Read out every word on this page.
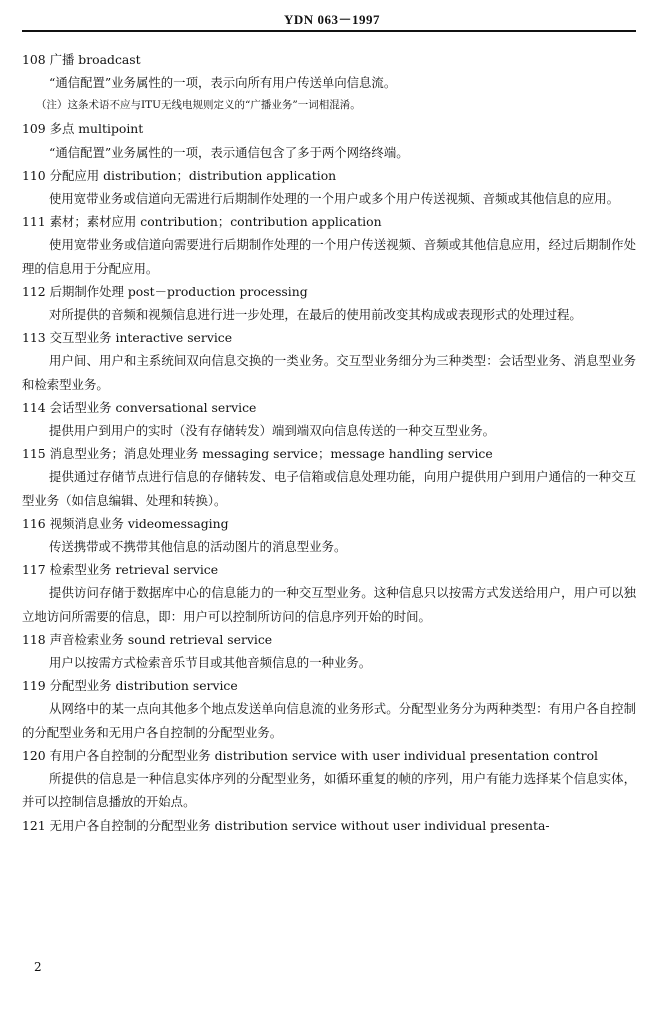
YDN 063－1997

108 广播 broadcast

“通信配置”业务属性的一项，表示向所有用户传送单向信息流。

（注）这条术语不应与ITU无线电规则定义的“广播业务”一词相混淆。

109 多点 multipoint

“通信配置”业务属性的一项，表示通信包含了多于两个网络终端。

110 分配应用 distribution；distribution application

使用宽带业务或信道向无需进行后期制作处理的一个用户或多个用户传送视频、音频或其他信息的应用。

111 素材；素材应用 contribution；contribution application

使用宽带业务或信道向需要进行后期制作处理的一个用户传送视频、音频或其他信息应用，经过后期制作处理的信息用于分配应用。

112 后期制作处理 post－production processing

对所提供的音频和视频信息进行进一步处理，在最后的使用前改变其构成或表现形式的处理过程。

113 交互型业务 interactive service

用户间、用户和主系统间双向信息交换的一类业务。交互型业务细分为三种类型：会话型业务、消息型业务和检索型业务。

114 会话型业务 conversational service

提供用户到用户的实时（没有存储转发）端到端双向信息传送的一种交互型业务。

115 消息型业务；消息处理业务 messaging service；message handling service

提供通过存储节点进行信息的存储转发、电子信箱或信息处理功能，向用户提供用户到用户通信的一种交互型业务（如信息编辑、处理和转换）。

116 视频消息业务 videomessaging

传送携带或不携带其他信息的活动图片的消息型业务。

117 检索型业务 retrieval service

提供访问存储于数据库中心的信息能力的一种交互型业务。这种信息只以按需方式发送给用户，用户可以独立地访问所需要的信息，即：用户可以控制所访问的信息序列开始的时间。

118 声音检索业务 sound retrieval service

用户以按需方式检索音乐节目或其他音频信息的一种业务。

119 分配型业务 distribution service

从网络中的某一点向其他多个地点发送单向信息流的业务形式。分配型业务分为两种类型：有用户各自控制的分配型业务和无用户各自控制的分配型业务。

120 有用户各自控制的分配型业务 distribution service with user individual presentation control

所提供的信息是一种信息实体序列的分配型业务，如循环重复的帧的序列，用户有能力选择某个信息实体，并可以控制信息播放的开始点。

121 无用户各自控制的分配型业务 distribution service without user individual presenta-

2
